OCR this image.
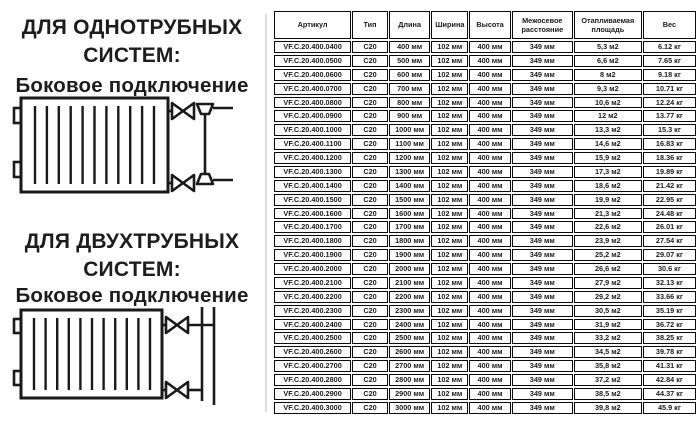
ДЛЯ ОДНОТРУБНЫХ СИСТЕМ:
Боковое подключение
ДЛЯ ДВУХТРУБНЫХ СИСТЕМ:
Боковое подключение
Артикул	Тип	Длина	Ширина	Высота	Межосевое расстояние	Отапливаемая площадь	Вес
VF.C.20.400.0400	C20	400 мм	102 мм	400 мм	349 мм	5,3 м2	6.12 кг
VF.C.20.400.0500	C20	500 мм	102 мм	400 мм	349 мм	6,6 м2	7.65 кг
VF.C.20.400.0600	C20	600 мм	102 мм	400 мм	349 мм	8 м2	9.18 кг
VF.C.20.400.0700	C20	700 мм	102 мм	400 мм	349 мм	9,3 м2	10.71 кг
VF.C.20.400.0800	C20	800 мм	102 мм	400 мм	349 мм	10,6 м2	12.24 кг
VF.C.20.400.0900	C20	900 мм	102 мм	400 мм	349 мм	12 м2	13.77 кг
VF.C.20.400.1000	C20	1000 мм	102 мм	400 мм	349 мм	13,3 м2	15.3 кг
VF.C.20.400.1100	C20	1100 мм	102 мм	400 мм	349 мм	14,6 м2	16.83 кг
VF.C.20.400.1200	C20	1200 мм	102 мм	400 мм	349 мм	15,9 м2	18.36 кг
VF.C.20.400.1300	C20	1300 мм	102 мм	400 мм	349 мм	17,3 м2	19.89 кг
VF.C.20.400.1400	C20	1400 мм	102 мм	400 мм	349 мм	18,6 м2	21.42 кг
VF.C.20.400.1500	C20	1500 мм	102 мм	400 мм	349 мм	19,9 м2	22.95 кг
VF.C.20.400.1600	C20	1600 мм	102 мм	400 мм	349 мм	21,3 м2	24.48 кг
VF.C.20.400.1700	C20	1700 мм	102 мм	400 мм	349 мм	22,6 м2	26.01 кг
VF.C.20.400.1800	C20	1800 мм	102 мм	400 мм	349 мм	23,9 м2	27.54 кг
VF.C.20.400.1900	C20	1900 мм	102 мм	400 мм	349 мм	25,2 м2	29.07 кг
VF.C.20.400.2000	C20	2000 мм	102 мм	400 мм	349 мм	26,6 м2	30.6 кг
VF.C.20.400.2100	C20	2100 мм	102 мм	400 мм	349 мм	27,9 м2	32.13 кг
VF.C.20.400.2200	C20	2200 мм	102 мм	400 мм	349 мм	29,2 м2	33.66 кг
VF.C.20.400.2300	C20	2300 мм	102 мм	400 мм	349 мм	30,5 м2	35.19 кг
VF.C.20.400.2400	C20	2400 мм	102 мм	400 мм	349 мм	31,9 м2	36.72 кг
VF.C.20.400.2500	C20	2500 мм	102 мм	400 мм	349 мм	33,2 м2	38.25 кг
VF.C.20.400.2600	C20	2600 мм	102 мм	400 мм	349 мм	34,5 м2	39.78 кг
VF.C.20.400.2700	C20	2700 мм	102 мм	400 мм	349 мм	35,8 м2	41.31 кг
VF.C.20.400.2800	C20	2800 мм	102 мм	400 мм	349 мм	37,2 м2	42.84 кг
VF.C.20.400.2900	C20	2900 мм	102 мм	400 мм	349 мм	38,5 м2	44.37 кг
VF.C.20.400.3000	C20	3000 мм	102 мм	400 мм	349 мм	39,8 м2	45.9 кг
